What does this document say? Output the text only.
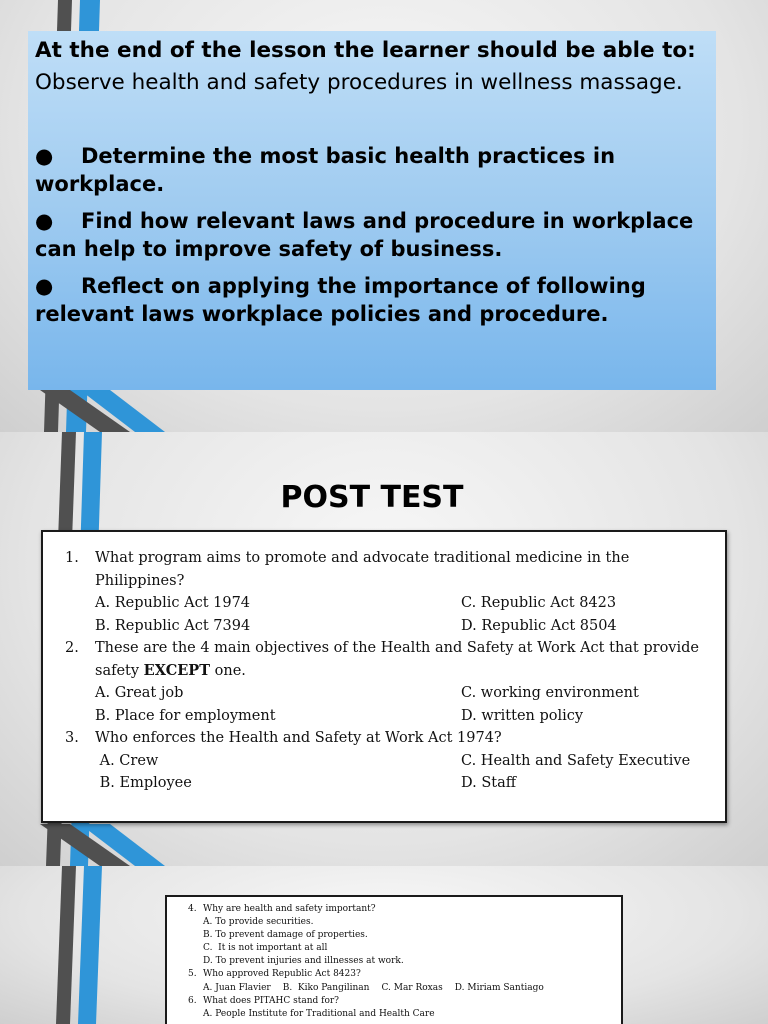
At the end of the lesson the learner should be able to:

Observe health and safety procedures in wellness massage.

● Determine the most basic health practices in workplace.
● Find how relevant laws and procedure in workplace can help to improve safety of business.
● Reflect on applying the importance of following relevant laws workplace policies and procedure.
POST TEST
1.	What program aims to promote and advocate traditional medicine in the Philippines?
A. Republic Act 1974	C. Republic Act 8423
B. Republic Act 7394	D. Republic Act 8504
2.	These are the 4 main objectives of the Health and Safety at Work Act that provide safety EXCEPT one.
A. Great job	C. working environment
B. Place for employment	D. written policy
3.	Who enforces the Health and Safety at Work Act 1974?
A. Crew	C. Health and Safety Executive
B. Employee	D. Staff
4. Why are health and safety important?
A. To provide securities.
B. To prevent damage of properties.
C.  It is not important at all
D. To prevent injuries and illnesses at work.
5. Who approved Republic Act 8423?
A. Juan Flavier B.  Kiko Pangilinan C. Mar Roxas D. Miriam Santiago
6. What does PITAHC stand for?
A. People Institute for Traditional and Health Care
